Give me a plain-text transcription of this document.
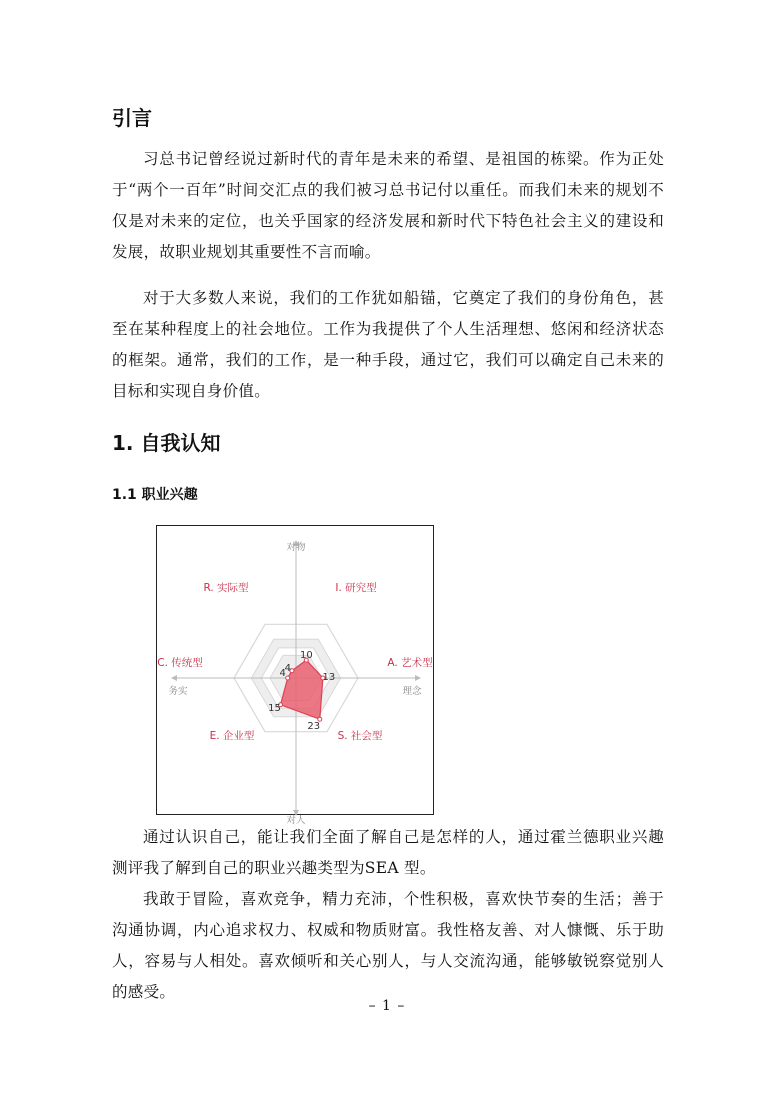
引言

习总书记曾经说过新时代的青年是未来的希望、是祖国的栋梁。作为正处于“两个一百年”时间交汇点的我们被习总书记付以重任。而我们未来的规划不仅是对未来的定位，也关乎国家的经济发展和新时代下特色社会主义的建设和发展，故职业规划其重要性不言而喻。

对于大多数人来说，我们的工作犹如船锚，它奠定了我们的身份角色，甚至在某种程度上的社会地位。工作为我提供了个人生活理想、悠闲和经济状态的框架。通常，我们的工作，是一种手段，通过它，我们可以确定自己未来的目标和实现自身价值。

1. 自我认知
1.1 职业兴趣
4
4
15
23
13
10
R. 实际型
C. 传统型
E. 企业型	S. 社会型
A. 艺术型
I. 研究型
对物
对人
理念
务实

通过认识自己，能让我们全面了解自己是怎样的人，通过霍兰德职业兴趣测评我了解到自己的职业兴趣类型为SEA 型。

我敢于冒险，喜欢竞争，精力充沛，个性积极，喜欢快节奏的生活；善于沟通协调，内心追求权力、权威和物质财富。我性格友善、对人慷慨、乐于助人，容易与人相处。喜欢倾听和关心别人，与人交流沟通，能够敏锐察觉别人的感受。

– 1 –
